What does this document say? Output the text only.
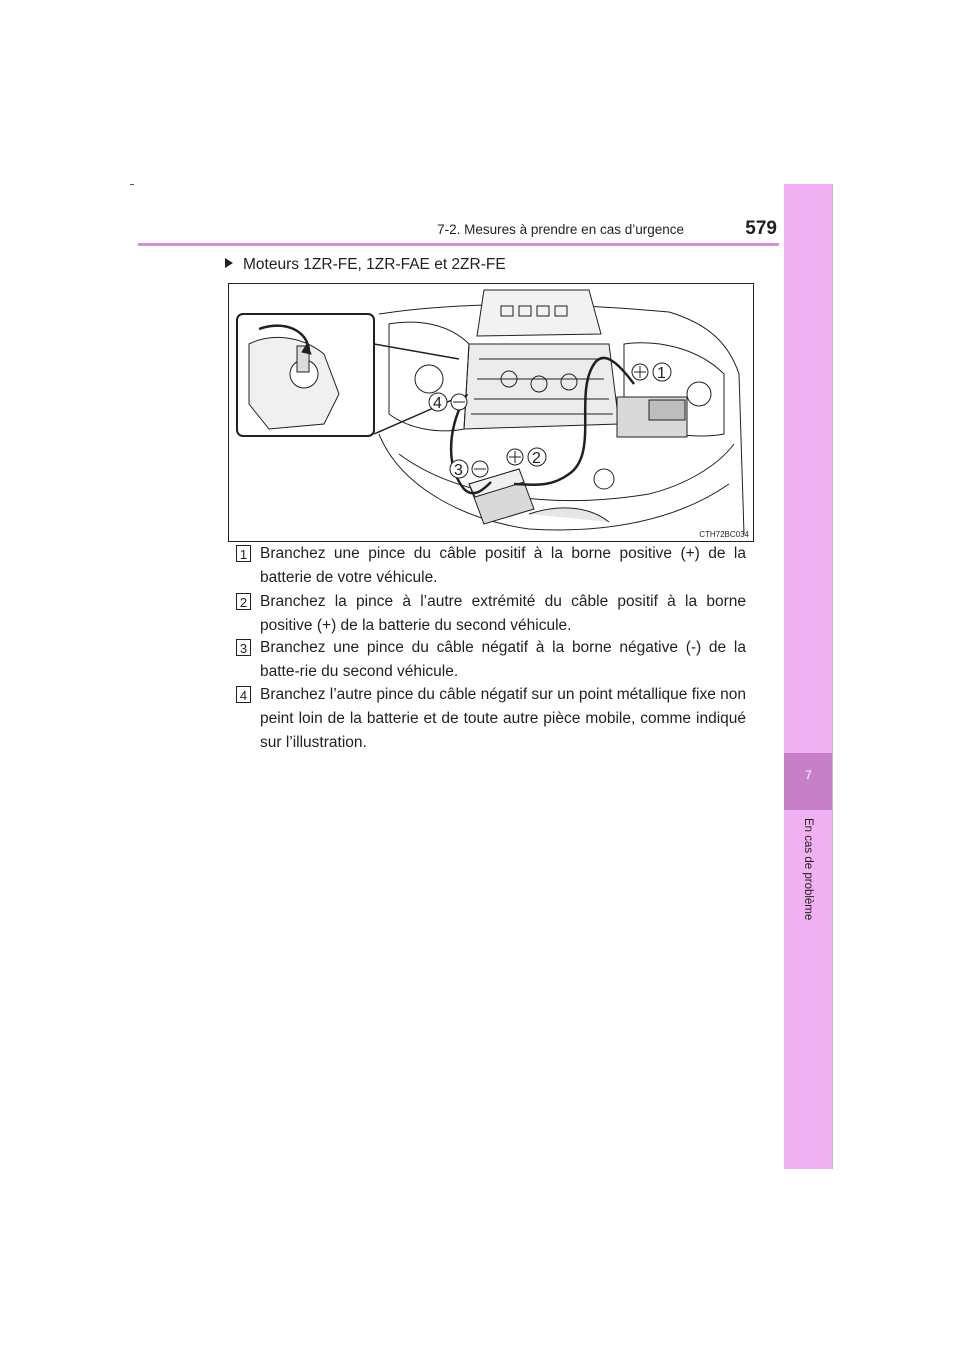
7-2. Mesures à prendre en cas d’urgence	579
7
En cas de problème
Moteurs 1ZR-FE, 1ZR-FAE et 2ZR-FE
1
2
3
4
CTH72BC034
1 Branchez une pince du câble positif à la borne positive (+) de la batterie de votre véhicule.
2 Branchez la pince à l’autre extrémité du câble positif à la borne positive (+) de la batterie du second véhicule.
3 Branchez une pince du câble négatif à la borne négative (-) de la batte-rie du second véhicule.
4 Branchez l’autre pince du câble négatif sur un point métallique fixe non peint loin de la batterie et de toute autre pièce mobile, comme indiqué sur l’illustration.
